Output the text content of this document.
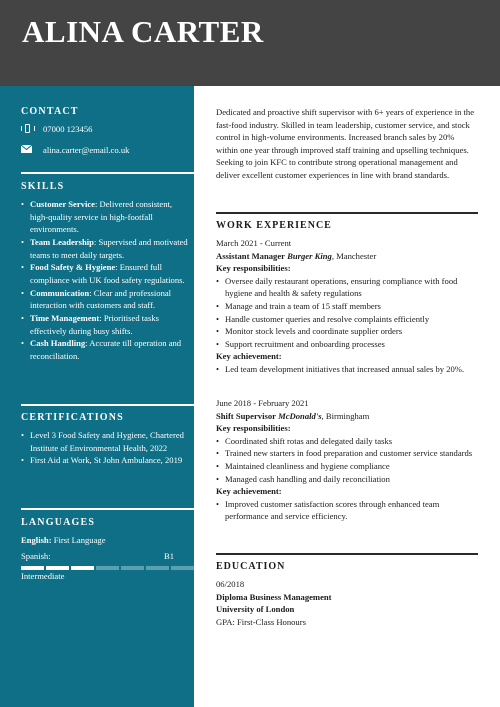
ALINA CARTER
CONTACT
07000 123456
alina.carter@email.co.uk
SKILLS
• Customer Service: Delivered consistent, high-quality service in high-footfall environments.
• Team Leadership: Supervised and motivated teams to meet daily targets.
• Food Safety & Hygiene: Ensured full compliance with UK food safety regulations.
• Communication: Clear and professional interaction with customers and staff.
• Time Management: Prioritised tasks effectively during busy shifts.
• Cash Handling: Accurate till operation and reconciliation.
CERTIFICATIONS
• Level 3 Food Safety and Hygiene, Chartered Institute of Environmental Health, 2022
• First Aid at Work, St John Ambulance, 2019
LANGUAGES
English: First Language
Spanish:	B1
Intermediate

Dedicated and proactive shift supervisor with 6+ years of experience in the fast-food industry. Skilled in team leadership, customer service, and stock control in high-volume environments. Increased branch sales by 20% within one year through improved staff training and upselling techniques. Seeking to join KFC to contribute strong operational management and deliver excellent customer experiences in line with brand standards.

WORK EXPERIENCE

March 2021 - Current

Assistant Manager Burger King, Manchester

Key responsibilities:

• Oversee daily restaurant operations, ensuring compliance with food hygiene and health & safety regulations
• Manage and train a team of 15 staff members
• Handle customer queries and resolve complaints efficiently
• Monitor stock levels and coordinate supplier orders
• Support recruitment and onboarding processes

Key achievement:

• Led team development initiatives that increased annual sales by 20%.

June 2018 - February 2021

Shift Supervisor McDonald's, Birmingham

Key responsibilities:

• Coordinated shift rotas and delegated daily tasks
• Trained new starters in food preparation and customer service standards
• Maintained cleanliness and hygiene compliance
• Managed cash handling and daily reconciliation

Key achievement:

• Improved customer satisfaction scores through enhanced team performance and service efficiency.
EDUCATION

06/2018

Diploma Business Management

University of London

GPA: First-Class Honours
